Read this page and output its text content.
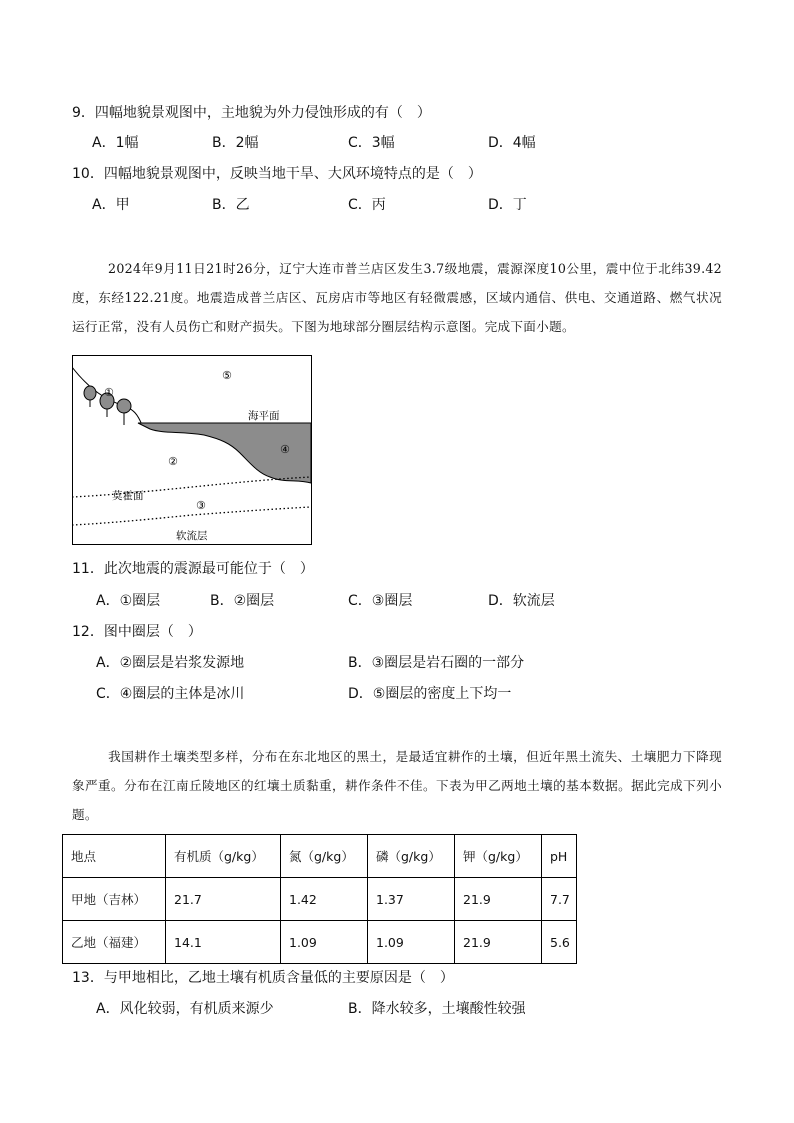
9．四幅地貌景观图中，主地貌为外力侵蚀形成的有（　）
A．1幅	B．2幅	C．3幅	D．4幅
10．四幅地貌景观图中，反映当地干旱、大风环境特点的是（　）
A．甲	B．乙	C．丙	D．丁
2024年9月11日21时26分，辽宁大连市普兰店区发生3.7级地震，震源深度10公里，震中位于北纬39.42度，东经122.21度。地震造成普兰店区、瓦房店市等地区有轻微震感，区域内通信、供电、交通道路、燃气状况运行正常，没有人员伤亡和财产损失。下图为地球部分圈层结构示意图。完成下面小题。
①
⑤
海平面
④
②
莫霍面
③
软流层
11．此次地震的震源最可能位于（　）
A．①圈层	B．②圈层	C．③圈层	D．软流层
12．图中圈层（　）
A．②圈层是岩浆发源地	B．③圈层是岩石圈的一部分
C．④圈层的主体是冰川	D．⑤圈层的密度上下均一
我国耕作土壤类型多样，分布在东北地区的黑土，是最适宜耕作的土壤，但近年黑土流失、土壤肥力下降现象严重。分布在江南丘陵地区的红壤土质黏重，耕作条件不佳。下表为甲乙两地土壤的基本数据。据此完成下列小题。
地点	有机质（g/kg）	氮（g/kg）	磷（g/kg）	钾（g/kg）	pH
甲地（吉林）	21.7	1.42	1.37	21.9	7.7
乙地（福建）	14.1	1.09	1.09	21.9	5.6
13．与甲地相比，乙地土壤有机质含量低的主要原因是（　）
A．风化较弱，有机质来源少	B．降水较多，土壤酸性较强
